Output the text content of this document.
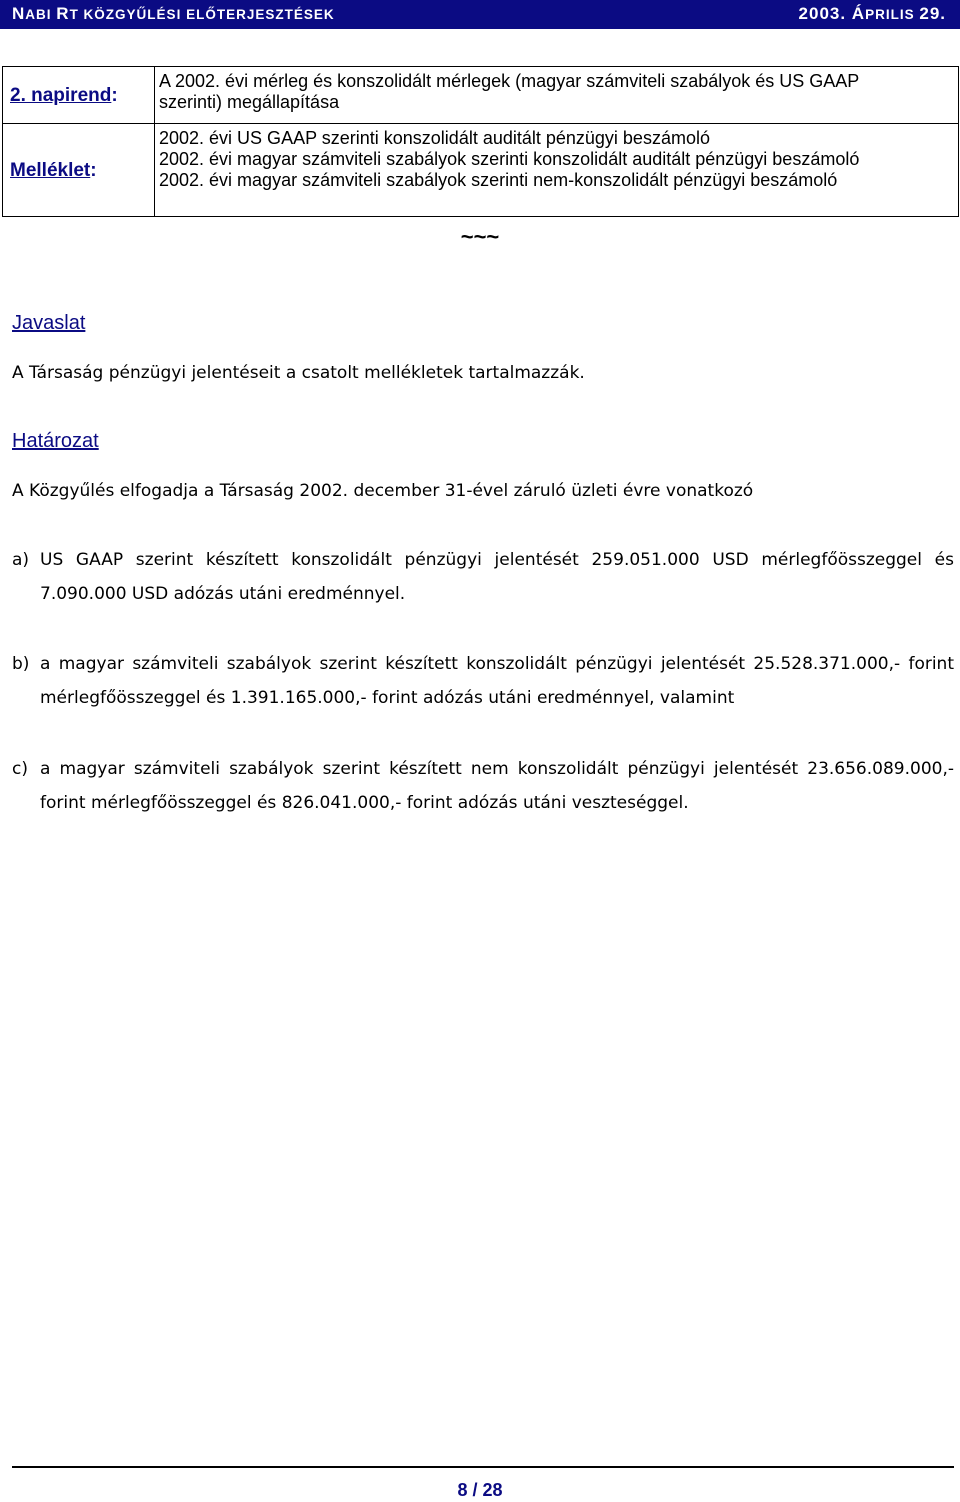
NABI RT KÖZGYŰLÉSI ELŐTERJESZTÉSEK	2003. ÁPRILIS 29.
2. napirend:	A 2002. évi mérleg és konszolidált mérlegek (magyar számviteli szabályok és US GAAP
szerinti) megállapítása

Melléklet:	2002. évi US GAAP szerinti konszolidált auditált pénzügyi beszámoló
2002. évi magyar számviteli szabályok szerinti konszolidált auditált pénzügyi beszámoló
2002. évi magyar számviteli szabályok szerinti nem-konszolidált pénzügyi beszámoló
~~~
Javaslat
A Társaság pénzügyi jelentéseit a csatolt mellékletek tartalmazzák.
Határozat
A Közgyűlés elfogadja a Társaság 2002. december 31-ével záruló üzleti évre vonatkozó
a) US GAAP szerint készített konszolidált pénzügyi jelentését 259.051.000 USD mérlegfőösszeggel és 7.090.000 USD adózás utáni eredménnyel.
b) a magyar számviteli szabályok szerint készített konszolidált pénzügyi jelentését 25.528.371.000,- forint mérlegfőösszeggel és 1.391.165.000,- forint adózás utáni eredménnyel, valamint
c) a magyar számviteli szabályok szerint készített nem konszolidált pénzügyi jelentését 23.656.089.000,- forint mérlegfőösszeggel és 826.041.000,- forint adózás utáni veszteséggel.
8 / 28
